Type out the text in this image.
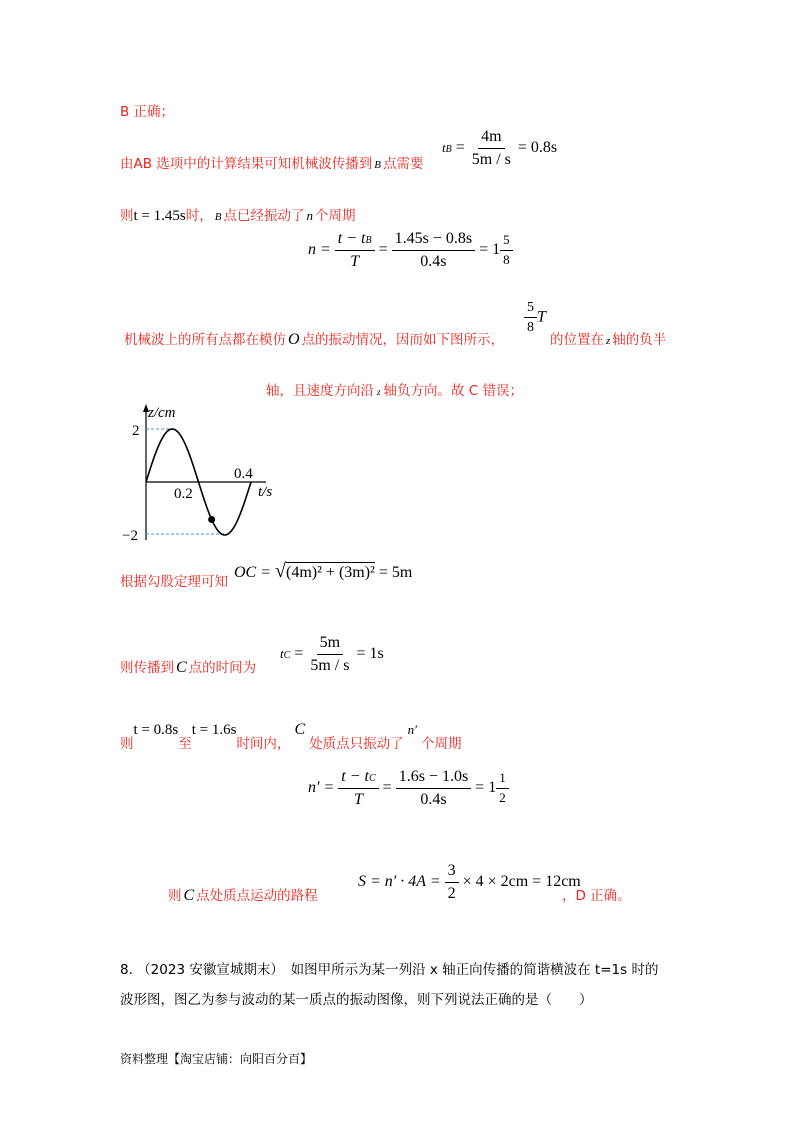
B 正确；
由AB 选项中的计算结果可知机械波传播到 B 点需要
tB = $\frac{4m}{5m / s} = 0.8s$
则t = 1.45s时， B 点已经振动了 n 个周期
$n = \frac{t - tB}{T} = \frac{1.45s - 0.8s}{0.4s} = 1 \frac{5}{8}$
机械波上的所有点都在模仿 O 点的振动情况，因而如下图所示，
$\frac{5}{8}$ T
的位置在 z 轴的负半
轴，且速度方向沿 z 轴负方向。故 C 错误；
z/cm
2
−2
0.2
0.4
t/s
根据勾股定理可知
OC = √(4m)² + (3m)² = 5m
则传播到 C 点的时间为
tC = $\frac{5m}{5m / s} = 1s$
则t = 0.8s至t = 1.6s时间内，C处质点只振动了n′个周期
$n' = \frac{t - tC}{T} = \frac{1.6s - 1.0s}{0.4s} = 1 \frac{1}{2}$
则 C 点处质点运动的路程
$S = n' \cdot 4A = \frac{3}{2} \times 4 \times 2cm = 12cm$
，D 正确。
8. （2023 安徽宣城期末）　如图甲所示为某一列沿 x 轴正向传播的简谐横波在 t=1s 时的
波形图，图乙为参与波动的某一质点的振动图像，则下列说法正确的是（　　）
资料整理【淘宝店铺：向阳百分百】
